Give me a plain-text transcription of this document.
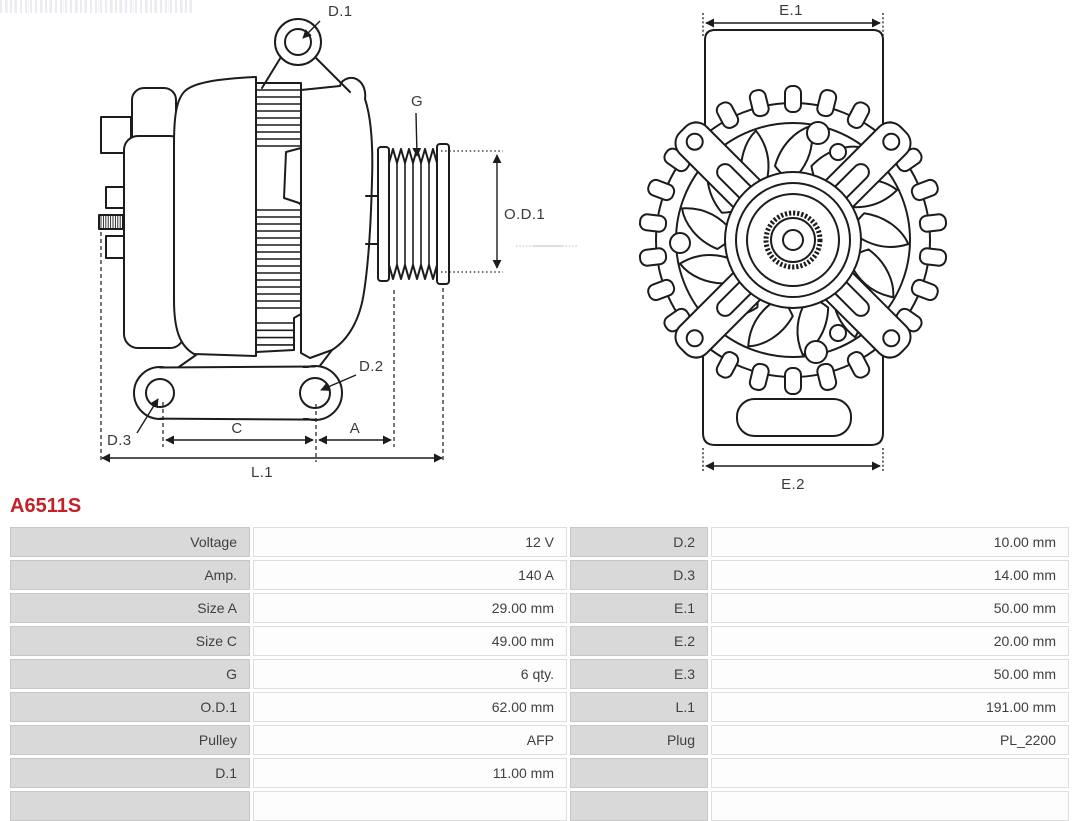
D.1
G
O.D.1
C	A
L.1
D.3
D.2
E.1
E.2
A6511S
Voltage	12 V	D.2	10.00 mm
Amp.	140 A	D.3	14.00 mm
Size A	29.00 mm	E.1	50.00 mm
Size C	49.00 mm	E.2	20.00 mm
G	6 qty.	E.3	50.00 mm
O.D.1	62.00 mm	L.1	191.00 mm
Pulley	AFP	Plug	PL_2200
D.1	11.00 mm
